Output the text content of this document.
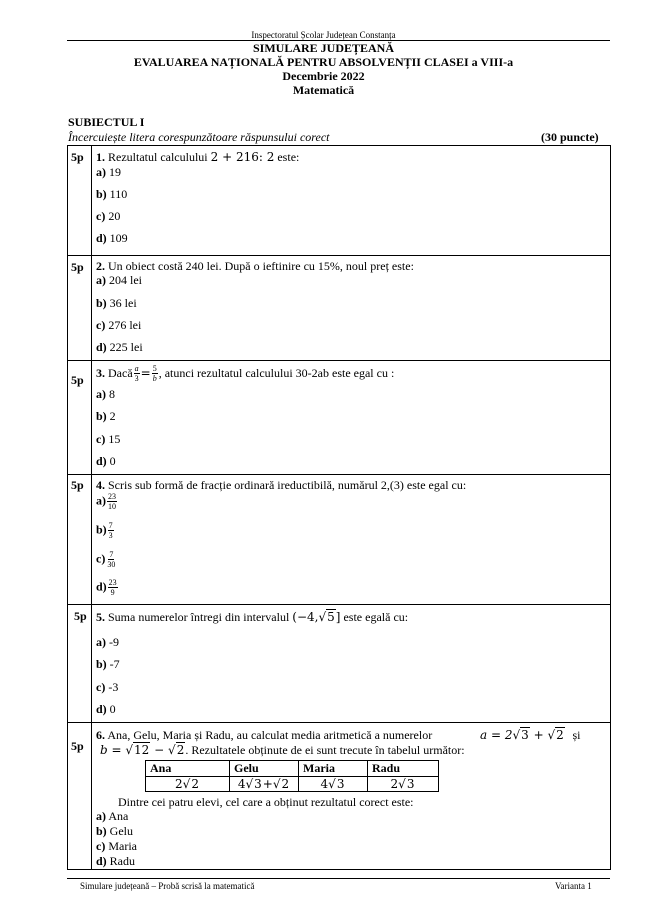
Inspectoratul Școlar Județean Constanța
SIMULARE JUDEȚEANĂ
EVALUAREA NAȚIONALĂ PENTRU ABSOLVENȚII CLASEI a VIII-a
Decembrie 2022
Matematică
SUBIECTUL I
Încercuiește litera corespunzătoare răspunsului corect	(30 puncte)
5p 1. Rezultatul calculului 2 + 216: 2 este:
a) 19
b) 110
c) 20
d) 109
5p 2. Un obiect costă 240 lei. După o ieftinire cu 15%, noul preț este:
a) 204 lei
b) 36 lei
c) 276 lei
d) 225 lei
5p
3.
Dacă $\frac{a}{3} = \frac{5}{b}$ , atunci rezultatul calculului 30-2ab este egal cu :
a) 8
b) 2
c) 15
d) 0
5p 4. Scris sub formă de fracție ordinară ireductibilă, numărul 2,(3) este egal cu:
$a) \frac{23}{10}$
$b) \frac{7}{3}$
$c) \frac{7}{30}$
$d) \frac{23}{9}$
5p 5. Suma numerelor întregi din intervalul (−4,√5] este egală cu:
a) -9
b) -7
c) -3
d) 0
5p
6. Ana, Gelu, Maria și Radu, au calculat media aritmetică a numerelor	a = 2√3 + √2 și
b = √12 − √2. Rezultatele obținute de ei sunt trecute în tabelul următor:
Ana	Gelu	Maria	Radu
2√2	4√3+√2	4√3	2√3
Dintre cei patru elevi, cel care a obținut rezultatul corect este:
a) Ana
b) Gelu
c) Maria
d) Radu
Simulare județeană – Probă scrisă la matematică	Varianta 1
